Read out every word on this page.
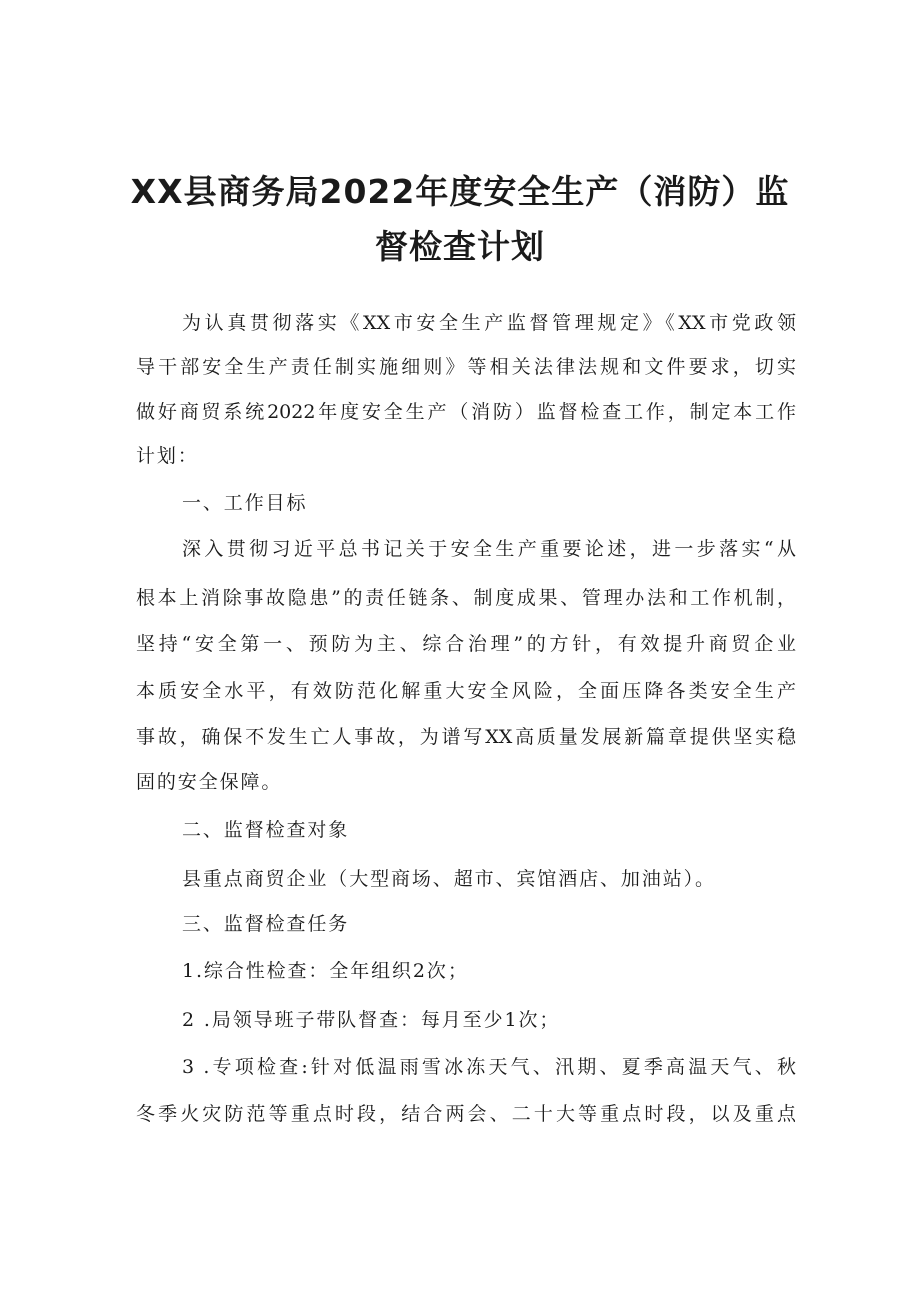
XX县商务局2022年度安全生产（消防）监
督检查计划
为认真贯彻落实《XX市安全生产监督管理规定》《XX市党政领
导干部安全生产责任制实施细则》等相关法律法规和文件要求，切实
做好商贸系统2022年度安全生产（消防）监督检查工作，制定本工作
计划：
一、工作目标
深入贯彻习近平总书记关于安全生产重要论述，进一步落实“从
根本上消除事故隐患”的责任链条、制度成果、管理办法和工作机制，
坚持“安全第一、预防为主、综合治理”的方针，有效提升商贸企业
本质安全水平，有效防范化解重大安全风险，全面压降各类安全生产
事故，确保不发生亡人事故，为谱写XX高质量发展新篇章提供坚实稳
固的安全保障。
二、监督检查对象
县重点商贸企业（大型商场、超市、宾馆酒店、加油站）。
三、监督检查任务
1.综合性检查：全年组织2次；
2 .局领导班子带队督查：每月至少1次；
3 .专项检查:针对低温雨雪冰冻天气、汛期、夏季高温天气、秋
冬季火灾防范等重点时段，结合两会、二十大等重点时段，以及重点
